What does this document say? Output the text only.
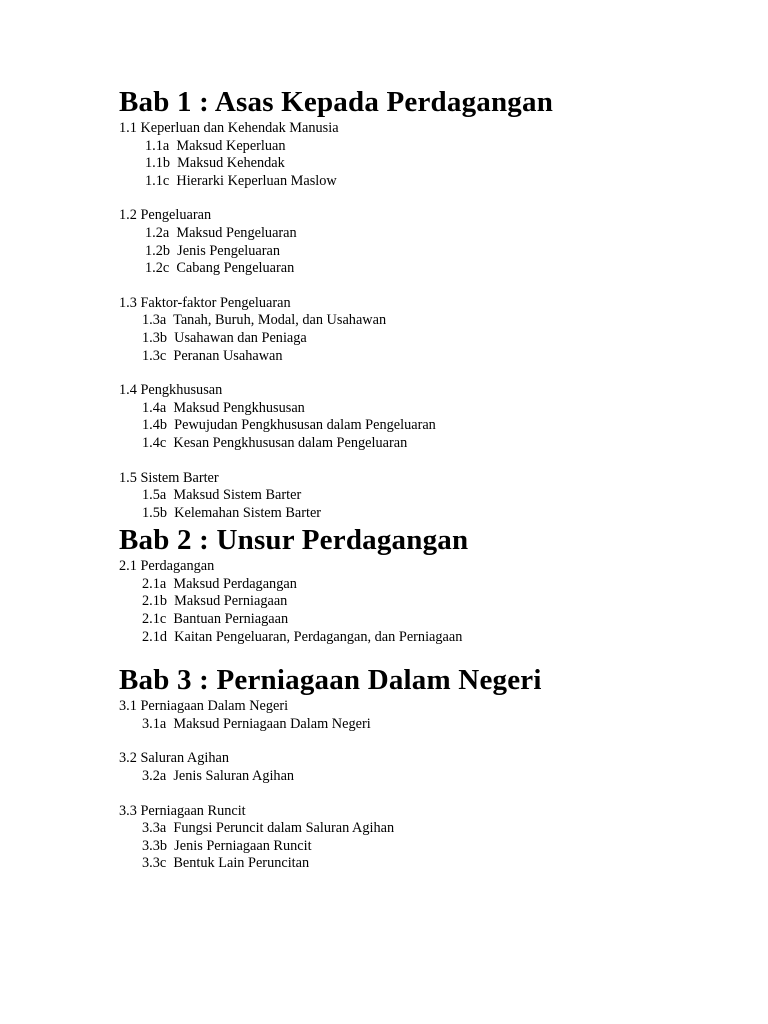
Bab 1 : Asas Kepada Perdagangan
1.1 Keperluan dan Kehendak Manusia
1.1a  Maksud Keperluan
1.1b  Maksud Kehendak
1.1c  Hierarki Keperluan Maslow
1.2 Pengeluaran
1.2a  Maksud Pengeluaran
1.2b  Jenis Pengeluaran
1.2c  Cabang Pengeluaran
1.3 Faktor-faktor Pengeluaran
1.3a  Tanah, Buruh, Modal, dan Usahawan
1.3b  Usahawan dan Peniaga
1.3c  Peranan Usahawan
1.4 Pengkhususan
1.4a  Maksud Pengkhususan
1.4b  Pewujudan Pengkhususan dalam Pengeluaran
1.4c  Kesan Pengkhususan dalam Pengeluaran
1.5 Sistem Barter
1.5a  Maksud Sistem Barter
1.5b  Kelemahan Sistem Barter
Bab 2 : Unsur Perdagangan
2.1 Perdagangan
2.1a  Maksud Perdagangan
2.1b  Maksud Perniagaan
2.1c  Bantuan Perniagaan
2.1d  Kaitan Pengeluaran, Perdagangan, dan Perniagaan
Bab 3 : Perniagaan Dalam Negeri
3.1 Perniagaan Dalam Negeri
3.1a  Maksud Perniagaan Dalam Negeri
3.2 Saluran Agihan
3.2a  Jenis Saluran Agihan
3.3 Perniagaan Runcit
3.3a  Fungsi Peruncit dalam Saluran Agihan
3.3b  Jenis Perniagaan Runcit
3.3c  Bentuk Lain Peruncitan
